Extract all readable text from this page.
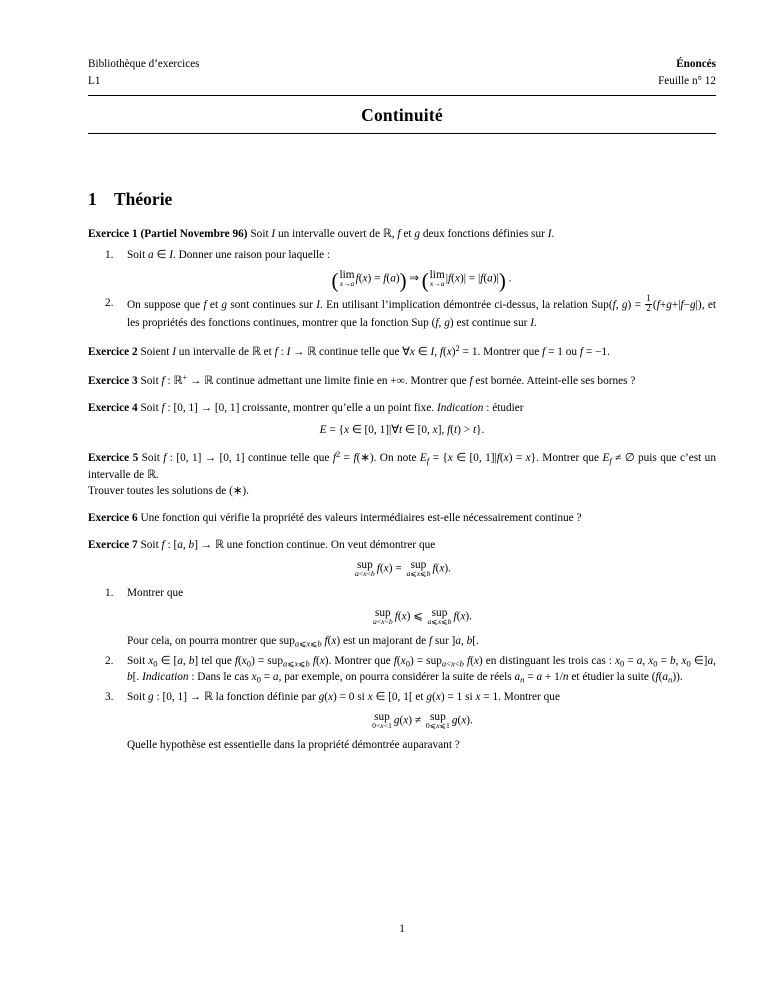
Bibliothèque d’exercices
L1
Énoncés
Feuille n° 12
Continuité
1 Théorie
Exercice 1 (Partiel Novembre 96) Soit I un intervalle ouvert de ℝ, f et g deux fonctions définies sur I.
Soit a ∈ I. Donner une raison pour laquelle :
( lim
x→a f(x) = f(a)) ⇒ ( lim
x→a |f(x)| = |f(a)|) .
On suppose que f et g sont continues sur I. En utilisant l’implication démontrée ci-dessus, la relation Sup(f, $g) = \frac{1}{2} (f+g+|f-g|)$, et les propriétés des fonctions continues, montrer que la fonction Sup (f, g) est continue sur I.
Exercice 2 Soient I un intervalle de ℝ et f : I → ℝ continue telle que ∀x ∈ I, $f(x)^2 = 1$. Montrer que f = 1 ou f = −1.
Exercice 3 Soit f : ℝ+ → ℝ continue admettant une limite finie en +∞. Montrer que f est bornée. Atteint-elle ses bornes ?
Exercice 4 Soit f : [0, 1] → [0, 1] croissante, montrer qu’elle a un point fixe. Indication : étudier
E = {x ∈ [0, 1]|∀t ∈ [0, x], f(t) > t}.
Exercice 5 Soit f : [0, 1] → [0, 1] continue telle que $f^2$ = f(∗). On note $E_f = \{x$ ∈ [0, 1]|f(x) = x}. Montrer que $E_f$ ≠ ∅ puis que c’est un intervalle de ℝ.
Trouver toutes les solutions de (∗).
Exercice 6 Une fonction qui vérifie la propriété des valeurs intermédiaires est-elle nécessairement continue ?
Exercice 7 Soit f : [a, b] → ℝ une fonction continue. On veut démontrer que
sup
a<x<b f(x) = sup
a⩽x⩽b f(x).
Montrer que
sup
a<x<b f(x) ⩽ sup
a⩽x⩽b f(x).
Pour cela, on pourra montrer que sup$_{a⩽x⩽b}$ f(x) est un majorant de f sur ]a, b[.
Soit $x_0$ ∈ [a, b] tel que $f(x_0) = sup_{a⩽x⩽b}$ f(x). Montrer que $f(x_0) = sup_{a<x<b}$ f(x) en distinguant les trois cas : $x_0 = a$, $x_0 = b$, $x_0$ ∈]a, b[. Indication : Dans le cas $x_0 = a$, par exemple, on pourra considérer la suite de réels $a_n = a + 1/n$ et étudier la suite $(f(a_n))$.
Soit g : [0, 1] → ℝ la fonction définie par g(x) = 0 si x ∈ [0, 1[ et g(x) = 1 si x = 1. Montrer que
sup
0<x<1 g(x) ≠ sup
0⩽x⩽1 g(x).
Quelle hypothèse est essentielle dans la propriété démontrée auparavant ?
1
